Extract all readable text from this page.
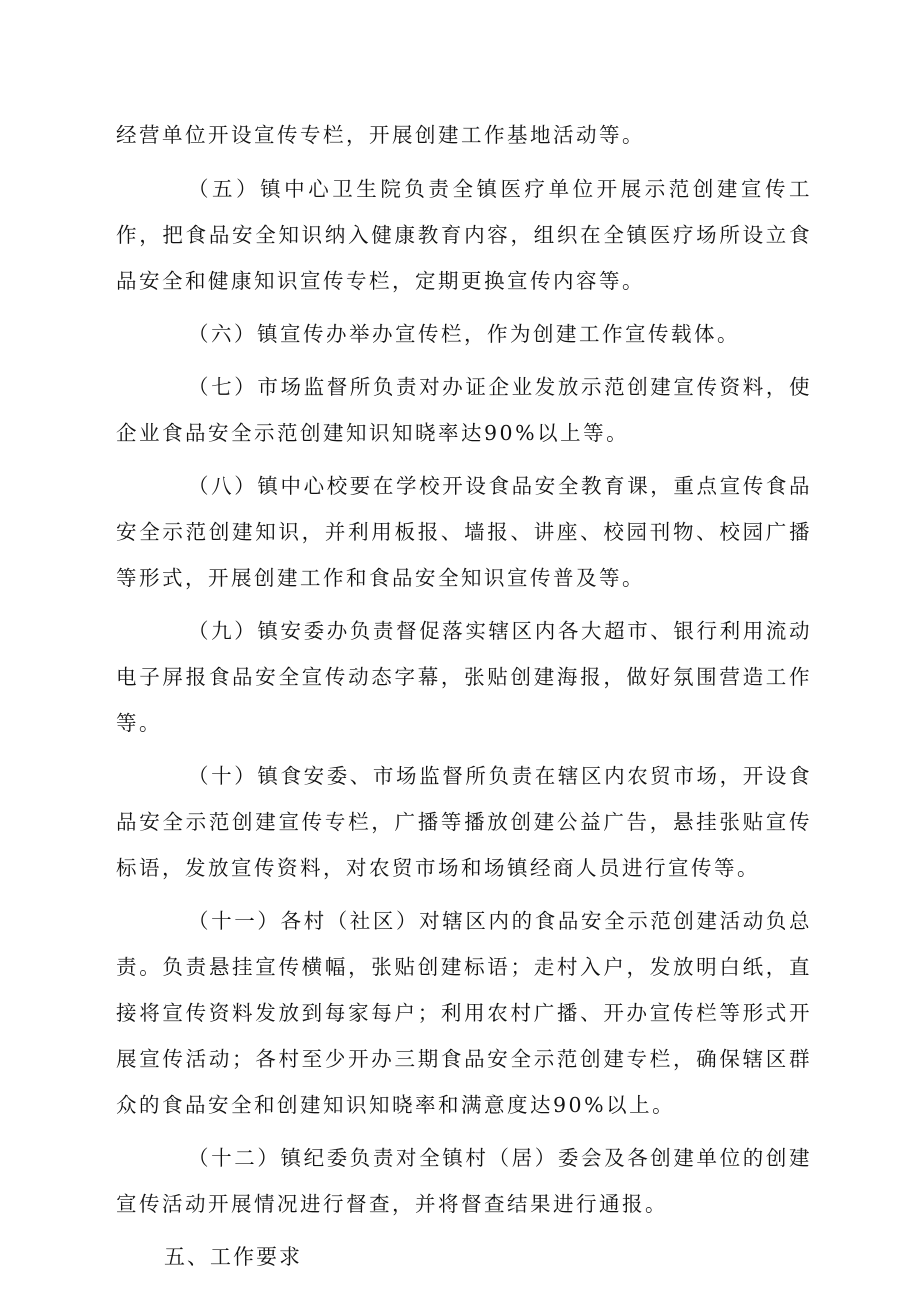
经营单位开设宣传专栏，开展创建工作基地活动等。

（五）镇中心卫生院负责全镇医疗单位开展示范创建宣传工作，把食品安全知识纳入健康教育内容，组织在全镇医疗场所设立食品安全和健康知识宣传专栏，定期更换宣传内容等。

（六）镇宣传办举办宣传栏，作为创建工作宣传载体。

（七）市场监督所负责对办证企业发放示范创建宣传资料，使企业食品安全示范创建知识知晓率达90%以上等。

（八）镇中心校要在学校开设食品安全教育课，重点宣传食品安全示范创建知识，并利用板报、墙报、讲座、校园刊物、校园广播等形式，开展创建工作和食品安全知识宣传普及等。

（九）镇安委办负责督促落实辖区内各大超市、银行利用流动电子屏报食品安全宣传动态字幕，张贴创建海报，做好氛围营造工作等。

（十）镇食安委、市场监督所负责在辖区内农贸市场，开设食品安全示范创建宣传专栏，广播等播放创建公益广告，悬挂张贴宣传标语，发放宣传资料，对农贸市场和场镇经商人员进行宣传等。

（十一）各村（社区）对辖区内的食品安全示范创建活动负总责。负责悬挂宣传横幅，张贴创建标语；走村入户，发放明白纸，直接将宣传资料发放到每家每户；利用农村广播、开办宣传栏等形式开展宣传活动；各村至少开办三期食品安全示范创建专栏，确保辖区群众的食品安全和创建知识知晓率和满意度达90%以上。

（十二）镇纪委负责对全镇村（居）委会及各创建单位的创建宣传活动开展情况进行督查，并将督查结果进行通报。

五、工作要求
